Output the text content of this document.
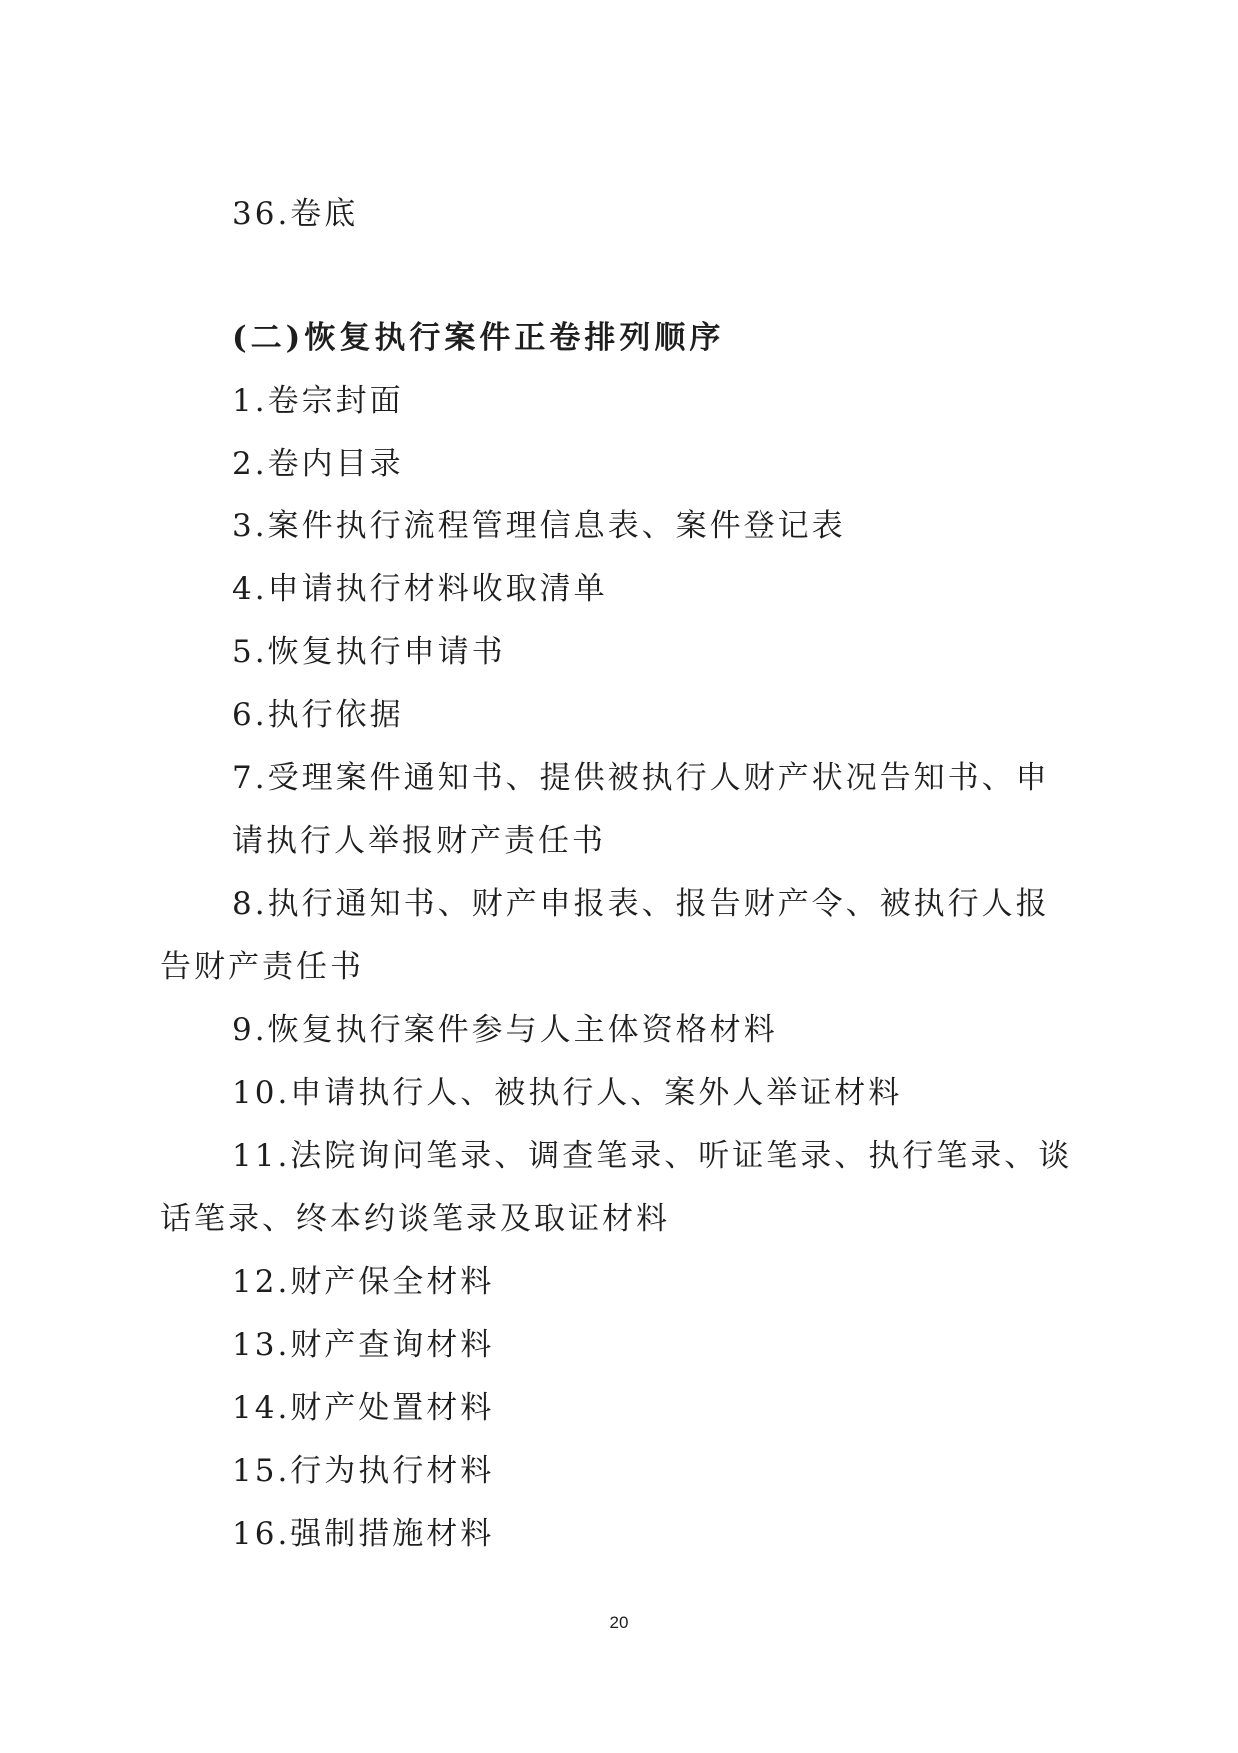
36.卷底
(二)恢复执行案件正卷排列顺序
1.卷宗封面
2.卷内目录
3.案件执行流程管理信息表、案件登记表
4.申请执行材料收取清单
5.恢复执行申请书
6.执行依据
7.受理案件通知书、提供被执行人财产状况告知书、申
请执行人举报财产责任书
8.执行通知书、财产申报表、报告财产令、被执行人报
告财产责任书
9.恢复执行案件参与人主体资格材料
10.申请执行人、被执行人、案外人举证材料
11.法院询问笔录、调查笔录、听证笔录、执行笔录、谈
话笔录、终本约谈笔录及取证材料
12.财产保全材料
13.财产查询材料
14.财产处置材料
15.行为执行材料
16.强制措施材料
20
